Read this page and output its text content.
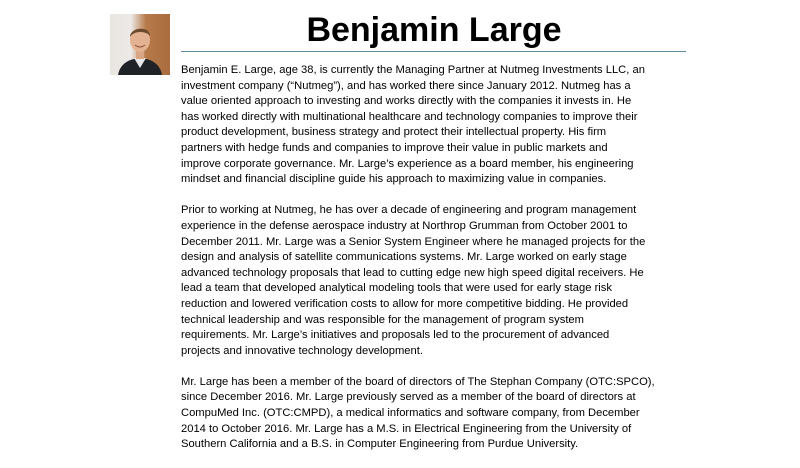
Benjamin Large

Benjamin E. Large, age 38, is currently the Managing Partner at Nutmeg Investments LLC, an
investment company (“Nutmeg”), and has worked there since January 2012. Nutmeg has a
value oriented approach to investing and works directly with the companies it invests in. He
has worked directly with multinational healthcare and technology companies to improve their
product development, business strategy and protect their intellectual property. His firm
partners with hedge funds and companies to improve their value in public markets and
improve corporate governance. Mr. Large’s experience as a board member, his engineering
mindset and financial discipline guide his approach to maximizing value in companies.

Prior to working at Nutmeg, he has over a decade of engineering and program management
experience in the defense aerospace industry at Northrop Grumman from October 2001 to
December 2011. Mr. Large was a Senior System Engineer where he managed projects for the
design and analysis of satellite communications systems. Mr. Large worked on early stage
advanced technology proposals that lead to cutting edge new high speed digital receivers. He
lead a team that developed analytical modeling tools that were used for early stage risk
reduction and lowered verification costs to allow for more competitive bidding. He provided
technical leadership and was responsible for the management of program system
requirements. Mr. Large’s initiatives and proposals led to the procurement of advanced
projects and innovative technology development.

Mr. Large has been a member of the board of directors of The Stephan Company (OTC:SPCO),
since December 2016. Mr. Large previously served as a member of the board of directors at
CompuMed Inc. (OTC:CMPD), a medical informatics and software company, from December
2014 to October 2016. Mr. Large has a M.S. in Electrical Engineering from the University of
Southern California and a B.S. in Computer Engineering from Purdue University.
